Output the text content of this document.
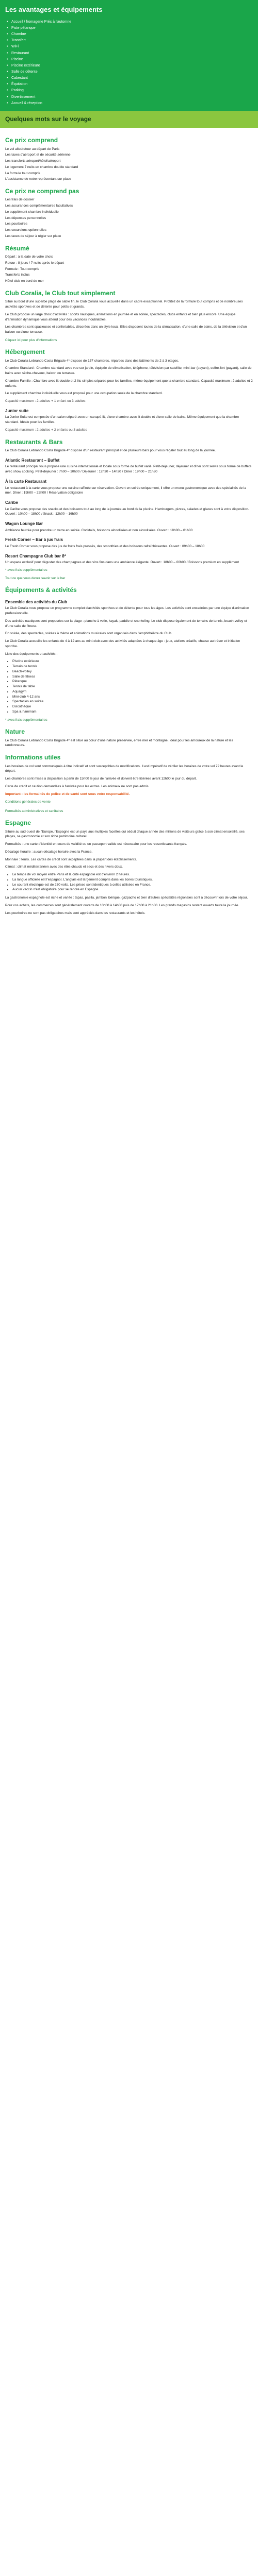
Les avantages et équipements
• Accueil / fromagerie Prés à l'automne
• Piste pétanque
• Chambre
• Transfert
• WiFi
• Restaurant
• Piscine
• Piscine extérieure
• Salle de détente
• Cabestant
• Équitation
• Parking
• Divertissement
• Accueil & réception
Quelques mots sur le voyage
Ce prix comprend

Le vol aller/retour au départ de Paris

Les taxes d'aéroport et de sécurité aérienne

Les transferts aéroport/hôtel/aéroport

Le logement 7 nuits en chambre double standard

La formule tout compris

L'assistance de notre représentant sur place

Ce prix ne comprend pas

Les frais de dossier

Les assurances complémentaires facultatives

Le supplément chambre individuelle

Les dépenses personnelles

Les pourboires

Les excursions optionnelles

Les taxes de séjour à régler sur place

Résumé

Départ : à la date de votre choix

Retour : 8 jours / 7 nuits après le départ

Formule : Tout compris

Transferts inclus

Hôtel club en bord de mer

Club Coralia, le Club tout simplement

Situé au bord d'une superbe plage de sable fin, le Club Coralia vous accueille dans un cadre exceptionnel. Profitez de la formule tout compris et de nombreuses activités sportives et de détente pour petits et grands.

Le Club propose un large choix d'activités : sports nautiques, animations en journée et en soirée, spectacles, clubs enfants et bien plus encore. Une équipe d'animation dynamique vous attend pour des vacances inoubliables.

Les chambres sont spacieuses et confortables, décorées dans un style local. Elles disposent toutes de la climatisation, d'une salle de bains, de la télévision et d'un balcon ou d'une terrasse.

Cliquez ici pour plus d'informations
Hébergement

Le Club Coralia Lebrando Costa Brigade 4* dispose de 157 chambres, réparties dans des bâtiments de 2 à 3 étages.

Chambre Standard : Chambre standard avec vue sur jardin, équipée de climatisation, téléphone, télévision par satellite, mini-bar (payant), coffre-fort (payant), salle de bains avec sèche-cheveux, balcon ou terrasse.

Chambre Famille : Chambre avec lit double et 2 lits simples séparés pour les familles, même équipement que la chambre standard. Capacité maximum : 2 adultes et 2 enfants.

Le supplément chambre individuelle vous est proposé pour une occupation seule de la chambre standard.

Capacité maximum : 2 adultes + 1 enfant ou 3 adultes

Junior suite

La Junior Suite est composée d'un salon séparé avec un canapé-lit, d'une chambre avec lit double et d'une salle de bains. Même équipement que la chambre standard. Idéale pour les familles.

Capacité maximum : 2 adultes + 2 enfants ou 3 adultes

Restaurants & Bars

Le Club Coralia Lebrando Costa Brigade 4* dispose d'un restaurant principal et de plusieurs bars pour vous régaler tout au long de la journée.

Atlantic Restaurant – Buffet

Le restaurant principal vous propose une cuisine internationale et locale sous forme de buffet varié. Petit-déjeuner, déjeuner et dîner sont servis sous forme de buffets avec show cooking. Petit-déjeuner : 7h00 – 10h00 / Déjeuner : 12h30 – 14h30 / Dîner : 19h00 – 21h30

À la carte Restaurant

Le restaurant à la carte vous propose une cuisine raffinée sur réservation. Ouvert en soirée uniquement, il offre un menu gastronomique avec des spécialités de la mer. Dîner : 19h00 – 22h00 / Réservation obligatoire

Caribe

Le Caribe vous propose des snacks et des boissons tout au long de la journée au bord de la piscine. Hamburgers, pizzas, salades et glaces sont à votre disposition. Ouvert : 10h00 – 18h00 / Snack : 12h00 – 16h00

Wagon Lounge Bar

Ambiance feutrée pour prendre un verre en soirée. Cocktails, boissons alcoolisées et non alcoolisées. Ouvert : 18h00 – 01h00

Fresh Corner – Bar à jus frais

Le Fresh Corner vous propose des jus de fruits frais pressés, des smoothies et des boissons rafraîchissantes. Ouvert : 09h00 – 18h00

Resort Champagne Club bar 8*

Un espace exclusif pour déguster des champagnes et des vins fins dans une ambiance élégante. Ouvert : 18h00 – 00h00 / Boissons premium en supplément

* avec frais supplémentaires

Tout ce que vous devez savoir sur le bar
Équipements & activités
Ensemble des activités du Club

Le Club Coralia vous propose un programme complet d'activités sportives et de détente pour tous les âges. Les activités sont encadrées par une équipe d'animation professionnelle.

Des activités nautiques sont proposées sur la plage : planche à voile, kayak, paddle et snorkeling. Le club dispose également de terrains de tennis, beach-volley et d'une salle de fitness.

En soirée, des spectacles, soirées à thème et animations musicales sont organisés dans l'amphithéâtre du Club.

Le Club Coralia accueille les enfants de 4 à 12 ans au mini-club avec des activités adaptées à chaque âge : jeux, ateliers créatifs, chasse au trésor et initiation sportive.

Liste des équipements et activités :

• Piscine extérieure
• Terrain de tennis
• Beach-volley
• Salle de fitness
• Pétanque
• Tennis de table
• Aquagym
• Mini-club 4-12 ans
• Spectacles en soirée
• Discothèque
• Spa & hammam

* avec frais supplémentaires

Nature

Le Club Coralia Lebrando Costa Brigade 4* est situé au cœur d'une nature préservée, entre mer et montagne. Idéal pour les amoureux de la nature et les randonneurs.

Informations utiles

Les horaires de vol sont communiqués à titre indicatif et sont susceptibles de modifications. Il est impératif de vérifier les horaires de votre vol 72 heures avant le départ.

Les chambres sont mises à disposition à partir de 15h00 le jour de l'arrivée et doivent être libérées avant 12h00 le jour du départ.

Carte de crédit et caution demandées à l'arrivée pour les extras. Les animaux ne sont pas admis.

Important : les formalités de police et de santé sont sous votre responsabilité.

Conditions générales de vente
Formalités administratives et sanitaires
Espagne

Située au sud-ouest de l'Europe, l'Espagne est un pays aux multiples facettes qui séduit chaque année des millions de visiteurs grâce à son climat ensoleillé, ses plages, sa gastronomie et son riche patrimoine culturel.

Formalités : une carte d'identité en cours de validité ou un passeport valide est nécessaire pour les ressortissants français.

Décalage horaire : aucun décalage horaire avec la France.

Monnaie : l'euro. Les cartes de crédit sont acceptées dans la plupart des établissements.

Climat : climat méditerranéen avec des étés chauds et secs et des hivers doux.

• Le temps de vol moyen entre Paris et la côte espagnole est d'environ 2 heures.
• La langue officielle est l'espagnol. L'anglais est largement compris dans les zones touristiques.
• Le courant électrique est de 230 volts. Les prises sont identiques à celles utilisées en France.
• Aucun vaccin n'est obligatoire pour se rendre en Espagne.

La gastronomie espagnole est riche et variée : tapas, paella, jambon ibérique, gazpacho et bien d'autres spécialités régionales sont à découvrir lors de votre séjour.

Pour vos achats, les commerces sont généralement ouverts de 10h00 à 14h00 puis de 17h00 à 21h00. Les grands magasins restent ouverts toute la journée.

Les pourboires ne sont pas obligatoires mais sont appréciés dans les restaurants et les hôtels.
